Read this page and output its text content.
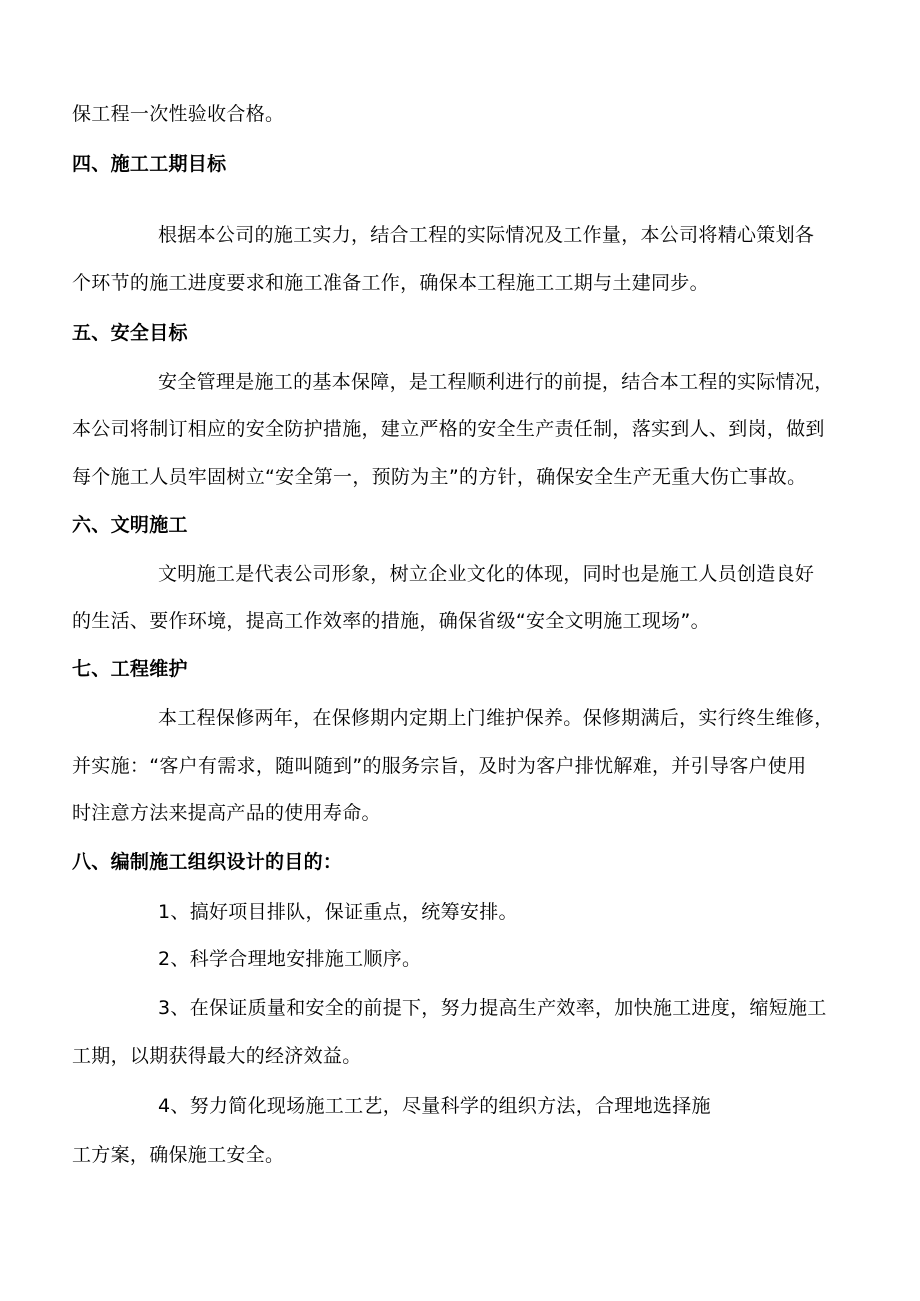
保工程一次性验收合格。
四、施工工期目标
根据本公司的施工实力，结合工程的实际情况及工作量，本公司将精心策划各
个环节的施工进度要求和施工准备工作，确保本工程施工工期与土建同步。
五、安全目标
安全管理是施工的基本保障，是工程顺利进行的前提，结合本工程的实际情况，
本公司将制订相应的安全防护措施，建立严格的安全生产责任制，落实到人、到岗，做到
每个施工人员牢固树立“安全第一，预防为主”的方针，确保安全生产无重大伤亡事故。
六、文明施工
文明施工是代表公司形象，树立企业文化的体现，同时也是施工人员创造良好
的生活、要作环境，提高工作效率的措施，确保省级“安全文明施工现场”。
七、工程维护
本工程保修两年，在保修期内定期上门维护保养。保修期满后，实行终生维修，
并实施：“客户有需求，随叫随到”的服务宗旨，及时为客户排忧解难，并引导客户使用
时注意方法来提高产品的使用寿命。
八、编制施工组织设计的目的：
1、搞好项目排队，保证重点，统筹安排。
2、科学合理地安排施工顺序。
3、在保证质量和安全的前提下，努力提高生产效率，加快施工进度，缩短施工
工期，以期获得最大的经济效益。
4、努力简化现场施工工艺，尽量科学的组织方法，合理地选择施
工方案，确保施工安全。
